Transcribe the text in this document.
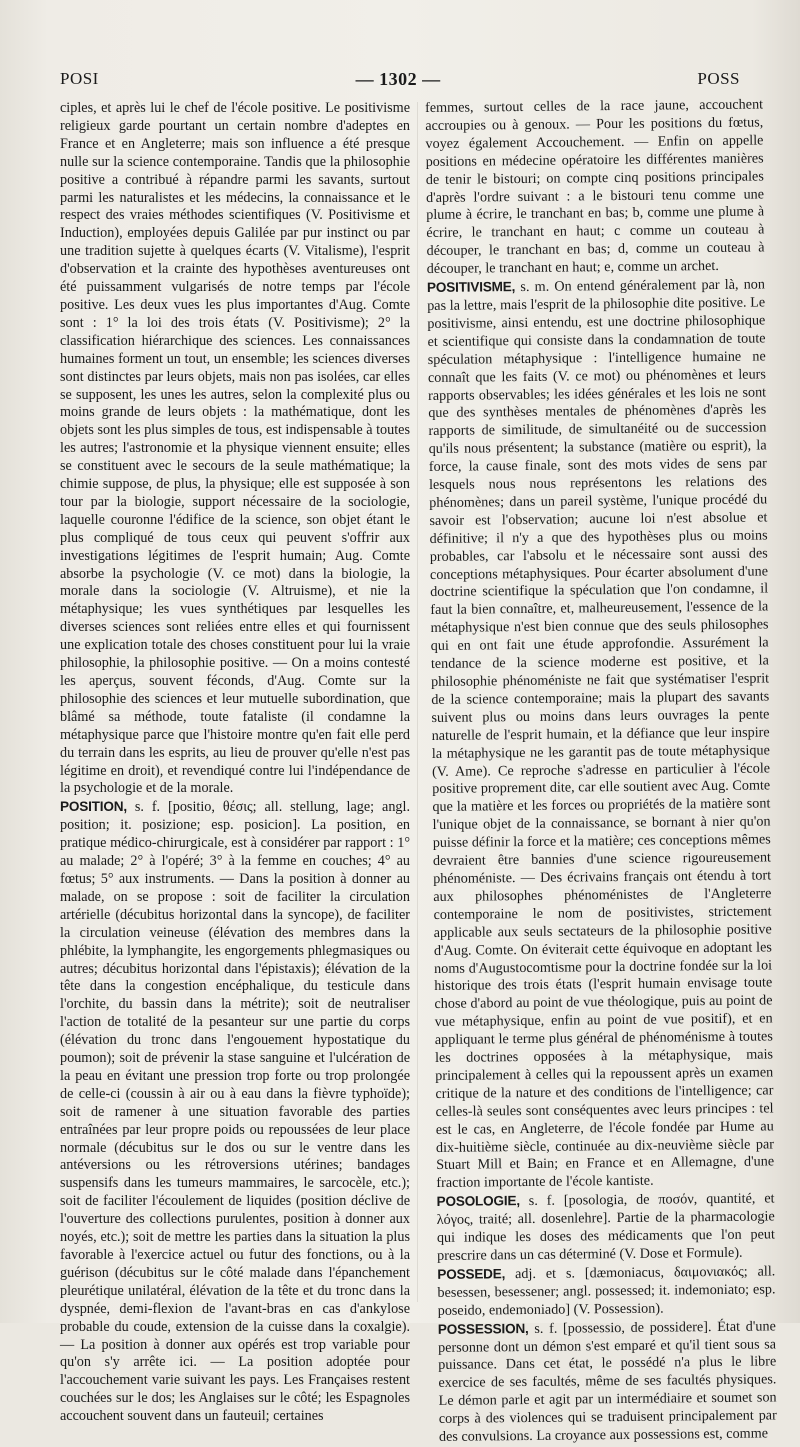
POSI	— 1302 —	POSS

ciples, et après lui le chef de l'école positive. Le positivisme religieux garde pourtant un certain nombre d'adeptes en France et en Angleterre; mais son influence a été presque nulle sur la science contemporaine. Tandis que la philosophie positive a contribué à répandre parmi les savants, surtout parmi les naturalistes et les médecins, la connaissance et le respect des vraies méthodes scientifiques (V. Positivisme et Induction), employées depuis Galilée par pur instinct ou par une tradition sujette à quelques écarts (V. Vitalisme), l'esprit d'observation et la crainte des hypothèses aventureuses ont été puissamment vulgarisés de notre temps par l'école positive. Les deux vues les plus importantes d'Aug. Comte sont : 1° la loi des trois états (V. Positivisme); 2° la classification hiérarchique des sciences. Les connaissances humaines forment un tout, un ensemble; les sciences diverses sont distinctes par leurs objets, mais non pas isolées, car elles se supposent, les unes les autres, selon la complexité plus ou moins grande de leurs objets : la mathématique, dont les objets sont les plus simples de tous, est indispensable à toutes les autres; l'astronomie et la physique viennent ensuite; elles se constituent avec le secours de la seule mathématique; la chimie suppose, de plus, la physique; elle est supposée à son tour par la biologie, support nécessaire de la sociologie, laquelle couronne l'édifice de la science, son objet étant le plus compliqué de tous ceux qui peuvent s'offrir aux investigations légitimes de l'esprit humain; Aug. Comte absorbe la psychologie (V. ce mot) dans la biologie, la morale dans la sociologie (V. Altruisme), et nie la métaphysique; les vues synthétiques par lesquelles les diverses sciences sont reliées entre elles et qui fournissent une explication totale des choses constituent pour lui la vraie philosophie, la philosophie positive. — On a moins contesté les aperçus, souvent féconds, d'Aug. Comte sur la philosophie des sciences et leur mutuelle subordination, que blâmé sa méthode, toute fataliste (il condamne la métaphysique parce que l'histoire montre qu'en fait elle perd du terrain dans les esprits, au lieu de prouver qu'elle n'est pas légitime en droit), et revendiqué contre lui l'indépendance de la psychologie et de la morale.

POSITION, s. f. [positio, θέσις; all. stellung, lage; angl. position; it. posizione; esp. posicion]. La position, en pratique médico-chirurgicale, est à considérer par rapport : 1° au malade; 2° à l'opéré; 3° à la femme en couches; 4° au fœtus; 5° aux instruments. — Dans la position à donner au malade, on se propose : soit de faciliter la circulation artérielle (décubitus horizontal dans la syncope), de faciliter la circulation veineuse (élévation des membres dans la phlébite, la lymphangite, les engorgements phlegmasiques ou autres; décubitus horizontal dans l'épistaxis); élévation de la tête dans la congestion encéphalique, du testicule dans l'orchite, du bassin dans la métrite); soit de neutraliser l'action de totalité de la pesanteur sur une partie du corps (élévation du tronc dans l'engouement hypostatique du poumon); soit de prévenir la stase sanguine et l'ulcération de la peau en évitant une pression trop forte ou trop prolongée de celle-ci (coussin à air ou à eau dans la fièvre typhoïde); soit de ramener à une situation favorable des parties entraînées par leur propre poids ou repoussées de leur place normale (décubitus sur le dos ou sur le ventre dans les antéversions ou les rétroversions utérines; bandages suspensifs dans les tumeurs mammaires, le sarcocèle, etc.); soit de faciliter l'écoulement de liquides (position déclive de l'ouverture des collections purulentes, position à donner aux noyés, etc.); soit de mettre les parties dans la situation la plus favorable à l'exercice actuel ou futur des fonctions, ou à la guérison (décubitus sur le côté malade dans l'épanchement pleurétique unilatéral, élévation de la tête et du tronc dans la dyspnée, demi-flexion de l'avant-bras en cas d'ankylose probable du coude, extension de la cuisse dans la coxalgie). — La position à donner aux opérés est trop variable pour qu'on s'y arrête ici. — La position adoptée pour l'accouchement varie suivant les pays. Les Françaises restent couchées sur le dos; les Anglaises sur le côté; les Espagnoles accouchent souvent dans un fauteuil; certaines

femmes, surtout celles de la race jaune, accouchent accroupies ou à genoux. — Pour les positions du fœtus, voyez également Accouchement. — Enfin on appelle positions en médecine opératoire les différentes manières de tenir le bistouri; on compte cinq positions principales d'après l'ordre suivant : a le bistouri tenu comme une plume à écrire, le tranchant en bas; b, comme une plume à écrire, le tranchant en haut; c comme un couteau à découper, le tranchant en bas; d, comme un couteau à découper, le tranchant en haut; e, comme un archet.

POSITIVISME, s. m. On entend généralement par là, non pas la lettre, mais l'esprit de la philosophie dite positive. Le positivisme, ainsi entendu, est une doctrine philosophique et scientifique qui consiste dans la condamnation de toute spéculation métaphysique : l'intelligence humaine ne connaît que les faits (V. ce mot) ou phénomènes et leurs rapports observables; les idées générales et les lois ne sont que des synthèses mentales de phénomènes d'après les rapports de similitude, de simultanéité ou de succession qu'ils nous présentent; la substance (matière ou esprit), la force, la cause finale, sont des mots vides de sens par lesquels nous nous représentons les relations des phénomènes; dans un pareil système, l'unique procédé du savoir est l'observation; aucune loi n'est absolue et définitive; il n'y a que des hypothèses plus ou moins probables, car l'absolu et le nécessaire sont aussi des conceptions métaphysiques. Pour écarter absolument d'une doctrine scientifique la spéculation que l'on condamne, il faut la bien connaître, et, malheureusement, l'essence de la métaphysique n'est bien connue que des seuls philosophes qui en ont fait une étude approfondie. Assurément la tendance de la science moderne est positive, et la philosophie phénoméniste ne fait que systématiser l'esprit de la science contemporaine; mais la plupart des savants suivent plus ou moins dans leurs ouvrages la pente naturelle de l'esprit humain, et la défiance que leur inspire la métaphysique ne les garantit pas de toute métaphysique (V. Ame). Ce reproche s'adresse en particulier à l'école positive proprement dite, car elle soutient avec Aug. Comte que la matière et les forces ou propriétés de la matière sont l'unique objet de la connaissance, se bornant à nier qu'on puisse définir la force et la matière; ces conceptions mêmes devraient être bannies d'une science rigoureusement phénoméniste. — Des écrivains français ont étendu à tort aux philosophes phénoménistes de l'Angleterre contemporaine le nom de positivistes, strictement applicable aux seuls sectateurs de la philosophie positive d'Aug. Comte. On éviterait cette équivoque en adoptant les noms d'Augustocomtisme pour la doctrine fondée sur la loi historique des trois états (l'esprit humain envisage toute chose d'abord au point de vue théologique, puis au point de vue métaphysique, enfin au point de vue positif), et en appliquant le terme plus général de phénoménisme à toutes les doctrines opposées à la métaphysique, mais principalement à celles qui la repoussent après un examen critique de la nature et des conditions de l'intelligence; car celles-là seules sont conséquentes avec leurs principes : tel est le cas, en Angleterre, de l'école fondée par Hume au dix-huitième siècle, continuée au dix-neuvième siècle par Stuart Mill et Bain; en France et en Allemagne, d'une fraction importante de l'école kantiste.

POSOLOGIE, s. f. [posologia, de ποσόν, quantité, et λόγος, traité; all. dosenlehre]. Partie de la pharmacologie qui indique les doses des médicaments que l'on peut prescrire dans un cas déterminé (V. Dose et Formule).

POSSEDE, adj. et s. [dæmoniacus, δαιμονιακός; all. besessen, besessener; angl. possessed; it. indemoniato; esp. poseido, endemoniado] (V. Possession).

POSSESSION, s. f. [possessio, de possidere]. État d'une personne dont un démon s'est emparé et qu'il tient sous sa puissance. Dans cet état, le possédé n'a plus le libre exercice de ses facultés, même de ses facultés physiques. Le démon parle et agit par un intermédiaire et soumet son corps à des violences qui se traduisent principalement par des convulsions. La croyance aux possessions est, comme
